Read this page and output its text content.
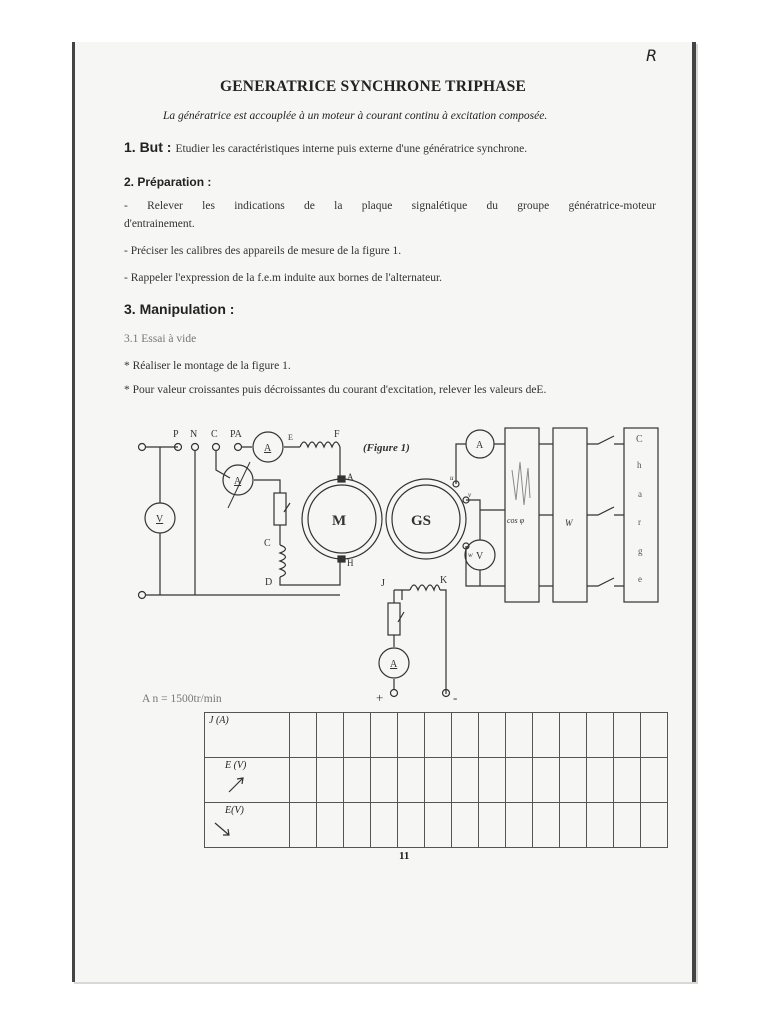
R
GENERATRICE SYNCHRONE TRIPHASE
La génératrice est accouplée à un moteur à courant continu à excitation composée.
1. But : Etudier les caractéristiques interne puis externe d'une génératrice synchrone.
2. Préparation :
- Relever les indications de la plaque signalétique du groupe génératrice-moteur
d'entrainement.
- Préciser les calibres des appareils de mesure de la figure 1.
- Rappeler l'expression de la f.e.m induite aux bornes de l'alternateur.
3. Manipulation :
3.1 Essai à vide
* Réaliser le montage de la figure 1.
* Pour valeur croissantes puis décroissantes du courant d'excitation, relever les valeurs deE.
P N C PA	E	F
A
H
C
D	J	K
u
v
w
(Figure 1)
V
A
A
A
V
A
M	GS	cos φ	W
C
h
a
r
g
e
+	-
A n = 1500tr/min
J (A)														
E (V)

E(V)

11
